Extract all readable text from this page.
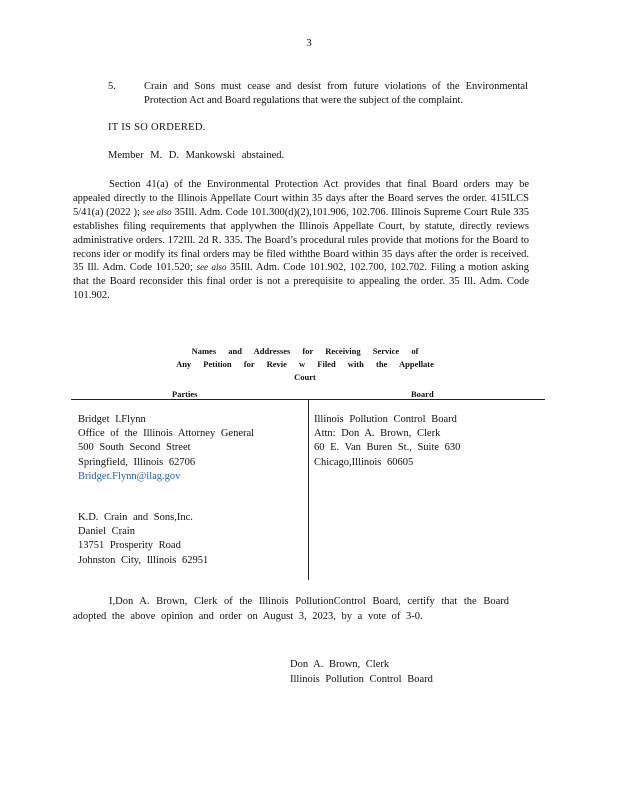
3
5.	Crain and Sons must cease and desist from future violations of the Environmental Protection Act and Board regulations that were the subject of the complaint.
IT IS SO ORDERED.
Member M. D. Mankowski abstained.
Section 41(a) of the Environmental Protection Act provides that final Board orders may be appealed directly to the Illinois Appellate Court within 35 days after the Board serves the order. 415ILCS 5/41(a) (2022 ); see also 35Ill. Adm. Code 101.300(d)(2),101.906, 102.706. Illinois Supreme Court Rule 335 establishes filing requirements that applywhen the Illinois Appellate Court, by statute, directly reviews administrative orders. 172Ill. 2d R. 335. The Board’s procedural rules provide that motions for the Board to recons ider or modify its final orders may be filed withthe Board within 35 days after the order is received. 35 Ill. Adm. Code 101.520; see also 35Ill. Adm. Code 101.902, 102.700, 102.702. Filing a motion asking that the Board reconsider this final order is not a prerequisite to appealing the order. 35 Ill. Adm. Code 101.902.
Names and Addresses for Receiving Service of
Any Petition for Revie w Filed with the Appellate Court
Parties	Board
Bridget I.Flynn
Office of the Illinois Attorney General
500 South Second Street
Springfield, Illinois 62706
Bridget.Flynn@ilag.gov
Illinois Pollution Control Board
Attn: Don A. Brown, Clerk
60 E. Van Buren St., Suite 630
Chicago,Illinois 60605
K.D. Crain and Sons,Inc.
Daniel Crain
13751 Prosperity Road
Johnston City, Illinois 62951
I,Don A. Brown, Clerk of the Illinois PollutionControl Board, certify that the Board adopted the above opinion and order on August 3, 2023, by a vote of 3-0.
Don A. Brown, Clerk
Illinois Pollution Control Board
